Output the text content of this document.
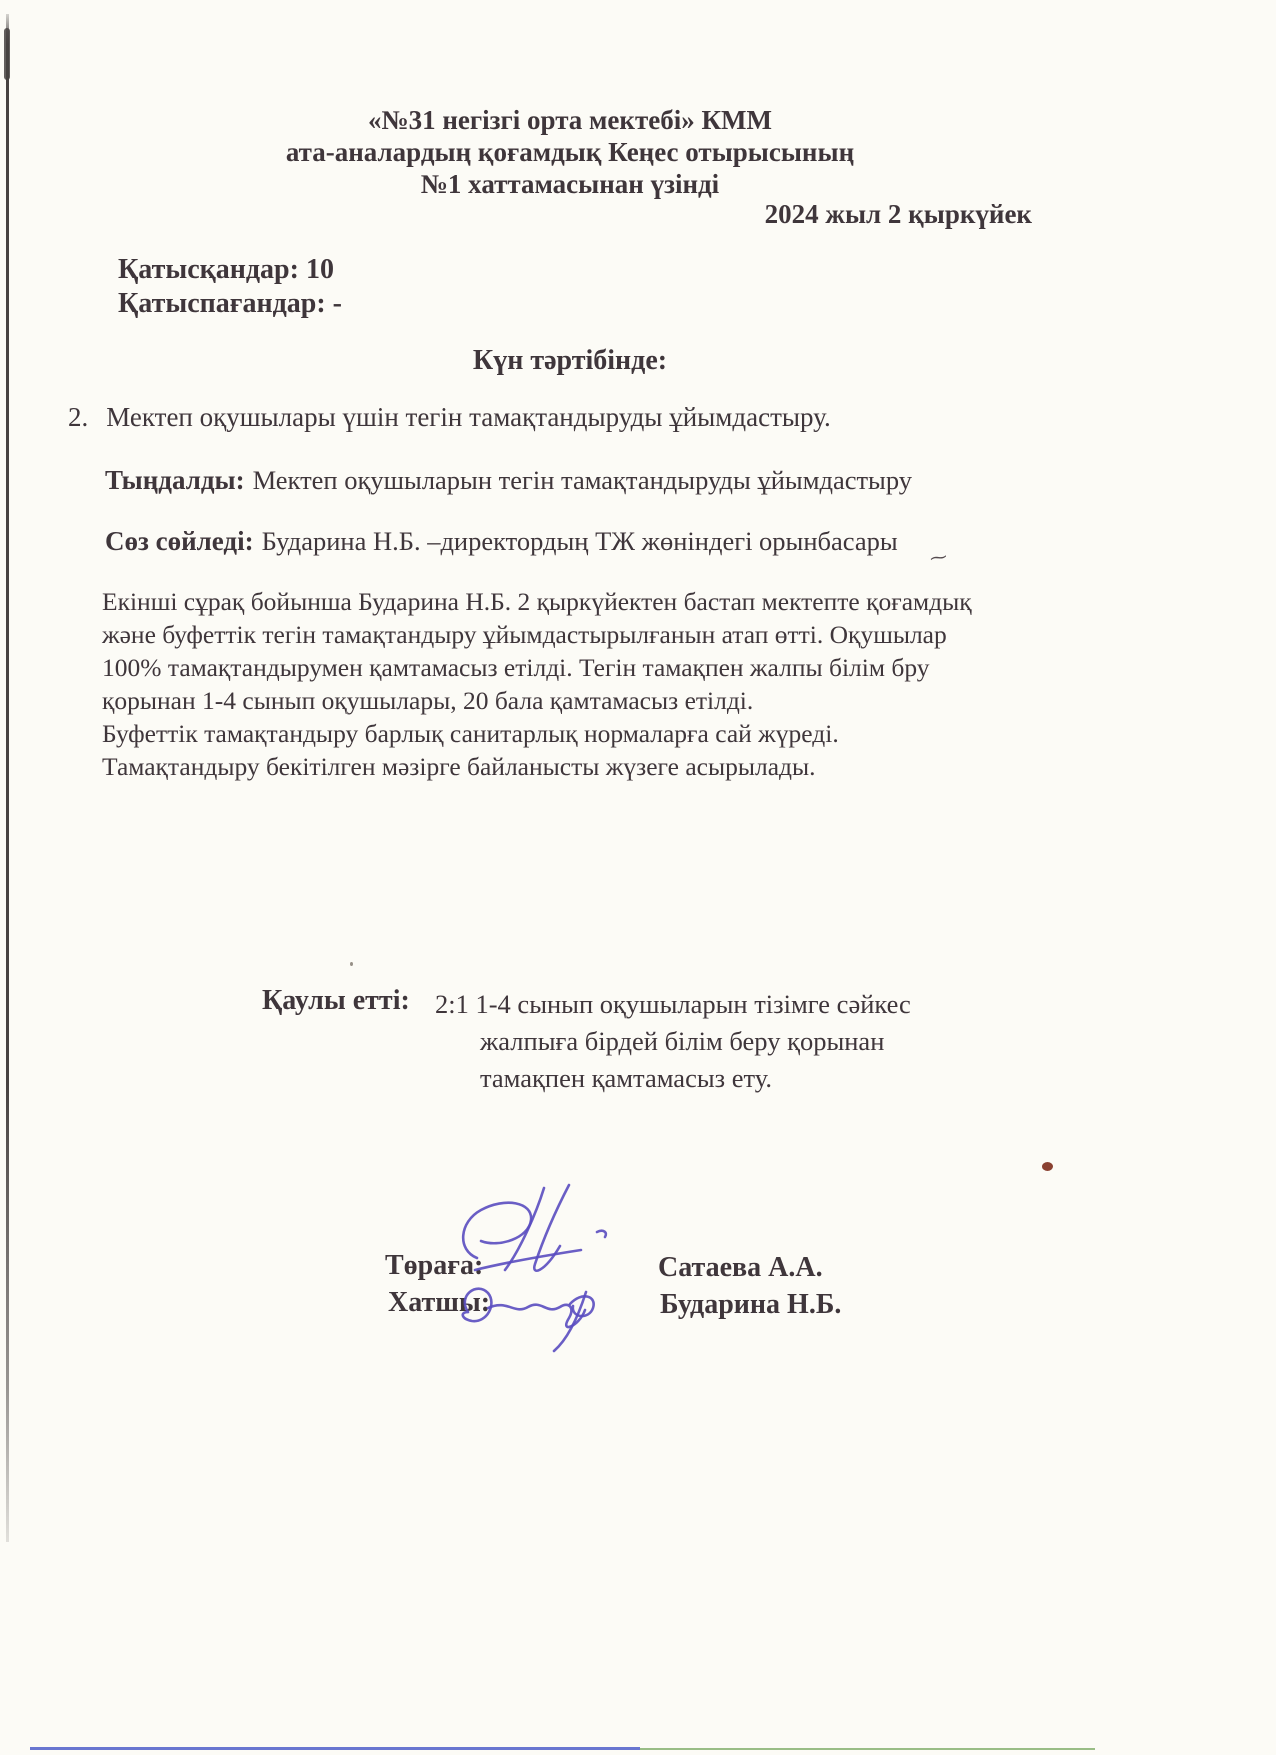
⁓
«№31 негізгі орта мектебі» КММ
ата-аналардың қоғамдық Кеңес отырысының
№1 хаттамасынан үзінді
2024 жыл 2 қыркүйек
Қатысқандар: 10
Қатыспағандар: -
Күн тәртібінде:
2. Мектеп оқушылары үшін тегін тамақтандыруды ұйымдастыру.
Тыңдалды: Мектеп оқушыларын тегін тамақтандыруды ұйымдастыру
Сөз сөйледі: Бударина Н.Б. –директордың ТЖ жөніндегі орынбасары
Екінші сұрақ бойынша Бударина Н.Б. 2 қыркүйектен бастап мектепте қоғамдық
және буфеттік тегін тамақтандыру ұйымдастырылғанын атап өтті. Оқушылар
100% тамақтандырумен қамтамасыз етілді. Тегін тамақпен жалпы білім бру
қорынан 1-4 сынып оқушылары, 20 бала қамтамасыз етілді.
Буфеттік тамақтандыру барлық санитарлық нормаларға сай жүреді.
Тамақтандыру бекітілген мәзірге байланысты жүзеге асырылады.
Қаулы етті: 2:1 1-4 сынып оқушыларын тізімге сәйкес
жалпыға бірдей білім беру қорынан
тамақпен қамтамасыз ету.
Төраға:	Сатаева А.А.
Хатшы:	Бударина Н.Б.
